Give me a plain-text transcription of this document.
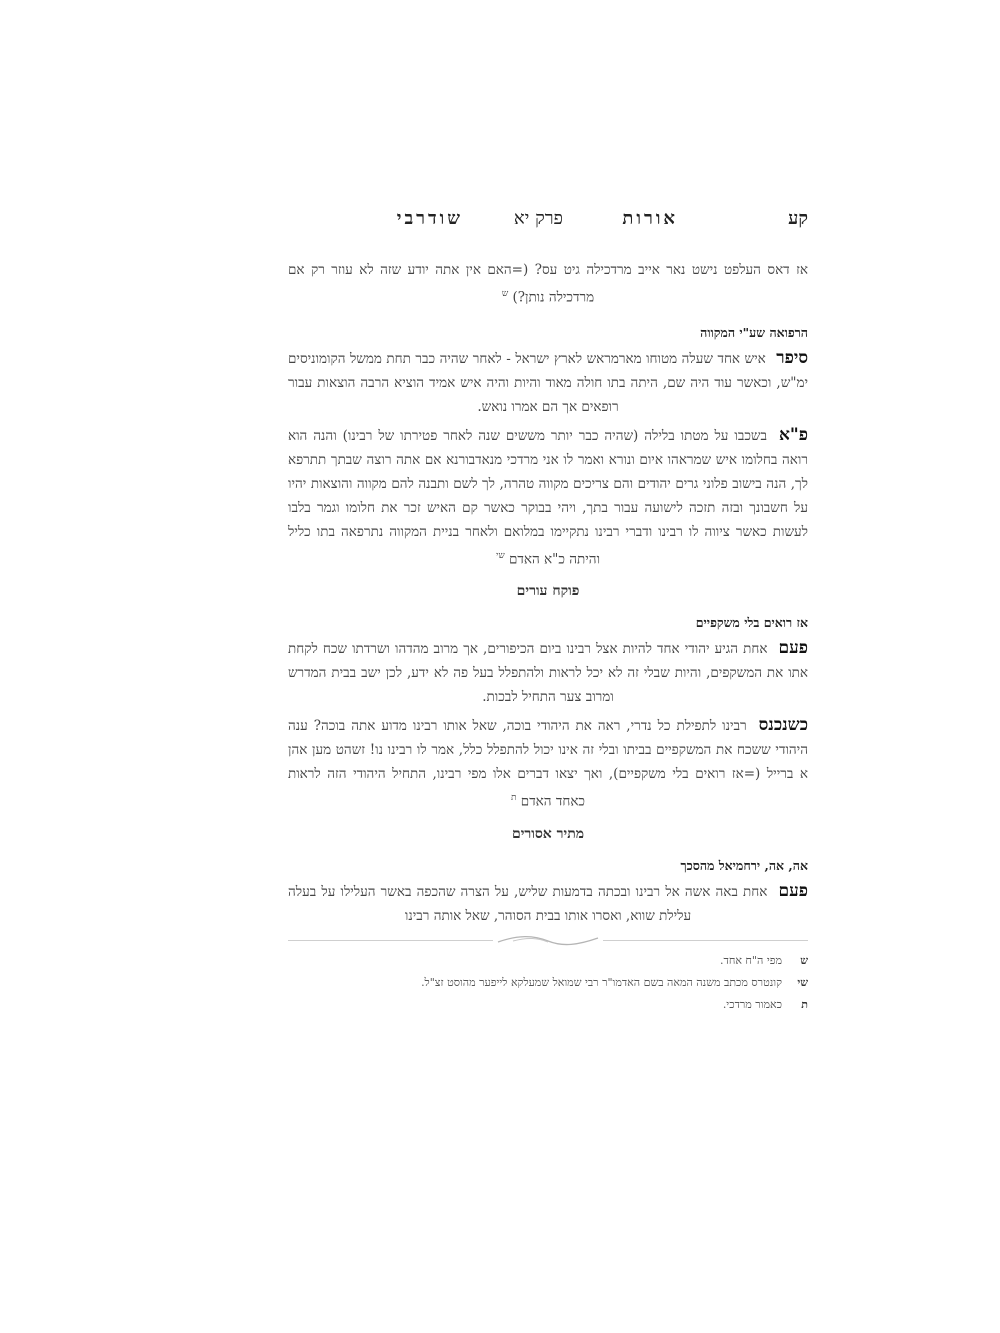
קע
אורות
פרק יא
שודרבי

אז דאס העלפט נישט נאר אייב מרדכילה גיט עס? (=האם אין אתה יודע שזה לא עוזר רק אם מרדכילה נותן?) $^ש$

הרפואה שע"י המקווה

סיפר איש אחד שעלה מטוחו מארמראש לארץ ישראל - לאחר שהיה כבר תחת ממשל הקומוניסים ימ"ש, וכאשר עוד היה שם, היתה בתו חולה מאוד והיות והיה איש אמיד הוציא הרבה הוצאות עבור רופאים אך הם אמרו נואש.

פ"א בשכבו על מטתו בלילה (שהיה כבר יותר מששים שנה לאחר פטירתו של רבינו) והנה הוא רואה בחלומו איש שמראהו איום ונורא ואמר לו אני מרדכי מנאדבורנא אם אתה רוצה שבתך תתרפא לך, הנה בישוב פלוני גרים יהודים והם צריכים מקווה טהרה, לך לשם ותבנה להם מקווה והוצאות יהיו על חשבונך ובזה תזכה לישועה עבור בתך, ויהי בבוקר כאשר קם האיש זכר את חלומו וגמר בלבו לעשות כאשר ציווה לו רבינו ודברי רבינו נתקיימו במלואם ולאחר בניית המקווה נתרפאה בתו כליל והיתה כ"א האדם $^{שי}$

פוקח עורים
אז רואים בלי משקפיים

פעם אחת הגיע יהודי אחד להיות אצל רבינו ביום הכיפורים, אך מרוב מהדהו ושרדתו שכח לקחת אתו את המשקפים, והיות שבלי זה לא יכל לראות ולהתפלל בעל פה לא ידע, לכן ישב בבית המדרש ומרוב צער התחיל לבכות.

כשנכנס רבינו לתפילת כל נדרי, ראה את היהודי בוכה, שאל אותו רבינו מדוע אתה בוכה? ענה היהודי ששכח את המשקפיים בביתו ובלי זה אינו יכול להתפלל כלל, אמר לו רבינו נו! זשהט מען אהן א ברייל (=אז רואים בלי משקפיים), ואך יצאו דברים אלו מפי רבינו, התחיל היהודי הזה לראות כאחד האדם $^ת$

מתיר אסורים
אה, אה, ירחמיאל מהסכך

פעם אחת באה אשה אל רבינו ובכתה בדמעות שליש, על הצרה שהכפה באשר העלילו על בעלה עלילת שווא, ואסרו אותו בבית הסוהר, שאל אותה רבינו

ש
מפי ה"ח אחד.
שי
קונטרס מכתב משנה המאה בשם האדמו"ר רבי שמואל שמעלקא לייפער מהוסט זצ"ל.
ת
כאמור מרדכי.
